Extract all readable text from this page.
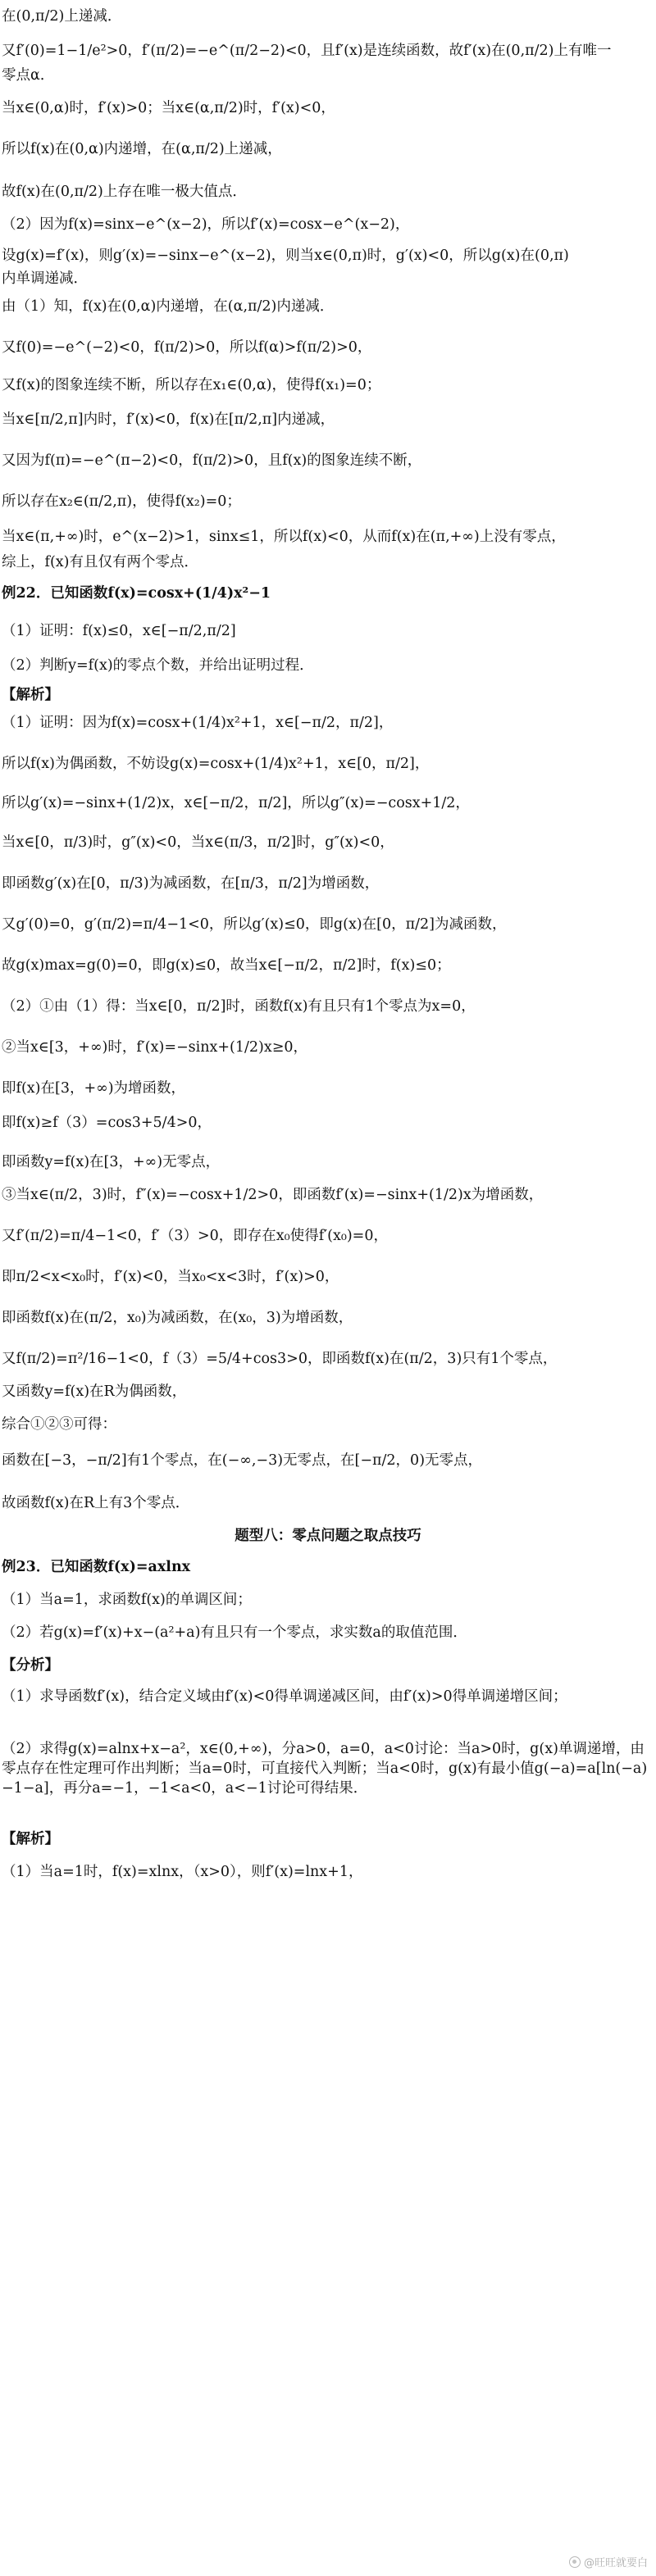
在(0,π/2)上递减．
又f′(0)=1−1/e²>0，f′(π/2)=−e^(π/2−2)<0，且f′(x)是连续函数，故f′(x)在(0,π/2)上有唯一
零点α．
当x∈(0,α)时，f′(x)>0；当x∈(α,π/2)时，f′(x)<0，
所以f(x)在(0,α)内递增，在(α,π/2)上递减，
故f(x)在(0,π/2)上存在唯一极大值点．
（2）因为f(x)=sinx−e^(x−2)，所以f′(x)=cosx−e^(x−2)，
设g(x)=f′(x)，则g′(x)=−sinx−e^(x−2)，则当x∈(0,π)时，g′(x)<0，所以g(x)在(0,π)
内单调递减．
由（1）知，f(x)在(0,α)内递增，在(α,π/2)内递减．
又f(0)=−e^(−2)<0，f(π/2)>0，所以f(α)>f(π/2)>0，
又f(x)的图象连续不断，所以存在x₁∈(0,α)，使得f(x₁)=0；
当x∈[π/2,π]内时，f′(x)<0，f(x)在[π/2,π]内递减，
又因为f(π)=−e^(π−2)<0，f(π/2)>0，且f(x)的图象连续不断，
所以存在x₂∈(π/2,π)，使得f(x₂)=0；
当x∈(π,+∞)时，e^(x−2)>1，sinx≤1，所以f(x)<0，从而f(x)在(π,+∞)上没有零点，
综上，f(x)有且仅有两个零点．
例22．已知函数f(x)=cosx+(1/4)x²−1
（1）证明：f(x)≤0，x∈[−π/2,π/2]
（2）判断y=f(x)的零点个数，并给出证明过程．
【解析】
（1）证明：因为f(x)=cosx+(1/4)x²+1，x∈[−π/2，π/2]，
所以f(x)为偶函数，不妨设g(x)=cosx+(1/4)x²+1，x∈[0，π/2]，
所以g′(x)=−sinx+(1/2)x，x∈[−π/2，π/2]，所以g″(x)=−cosx+1/2，
当x∈[0，π/3)时，g″(x)<0，当x∈(π/3，π/2]时，g″(x)<0，
即函数g′(x)在[0，π/3)为减函数，在[π/3，π/2]为增函数，
又g′(0)=0，g′(π/2)=π/4−1<0，所以g′(x)≤0，即g(x)在[0，π/2]为减函数，
故g(x)max=g(0)=0，即g(x)≤0，故当x∈[−π/2，π/2]时，f(x)≤0；
（2）①由（1）得：当x∈[0，π/2]时，函数f(x)有且只有1个零点为x=0，
②当x∈[3，+∞)时，f′(x)=−sinx+(1/2)x≥0，
即f(x)在[3，+∞)为增函数，
即f(x)≥f（3）=cos3+5/4>0，
即函数y=f(x)在[3，+∞)无零点，
③当x∈(π/2，3)时，f″(x)=−cosx+1/2>0，即函数f′(x)=−sinx+(1/2)x为增函数，
又f′(π/2)=π/4−1<0，f′（3）>0，即存在x₀使得f′(x₀)=0，
即π/2<x<x₀时，f′(x)<0，当x₀<x<3时，f′(x)>0，
即函数f(x)在(π/2，x₀)为减函数，在(x₀，3)为增函数，
又f(π/2)=π²/16−1<0，f（3）=5/4+cos3>0，即函数f(x)在(π/2，3)只有1个零点，
又函数y=f(x)在R为偶函数，
综合①②③可得：
函数在[−3，−π/2]有1个零点，在(−∞,−3)无零点，在[−π/2，0)无零点，
故函数f(x)在R上有3个零点．
题型八：零点问题之取点技巧
例23．已知函数f(x)=axlnx
（1）当a=1，求函数f(x)的单调区间；
（2）若g(x)=f′(x)+x−(a²+a)有且只有一个零点，求实数a的取值范围．
【分析】
（1）求导函数f′(x)，结合定义域由f′(x)<0得单调递减区间，由f′(x)>0得单调递增区间；
（2）求得g(x)=alnx+x−a²，x∈(0,+∞)，分a>0，a=0，a<0讨论：当a>0时，g(x)单调递增，由零点存在性定理可作出判断；当a=0时，可直接代入判断；当a<0时，g(x)有最小值g(−a)=a[ln(−a)−1−a]，再分a=−1，−1<a<0，a<−1讨论可得结果．
【解析】
（1）当a=1时，f(x)=xlnx，（x>0），则f′(x)=lnx+1，
@旺旺就要白
